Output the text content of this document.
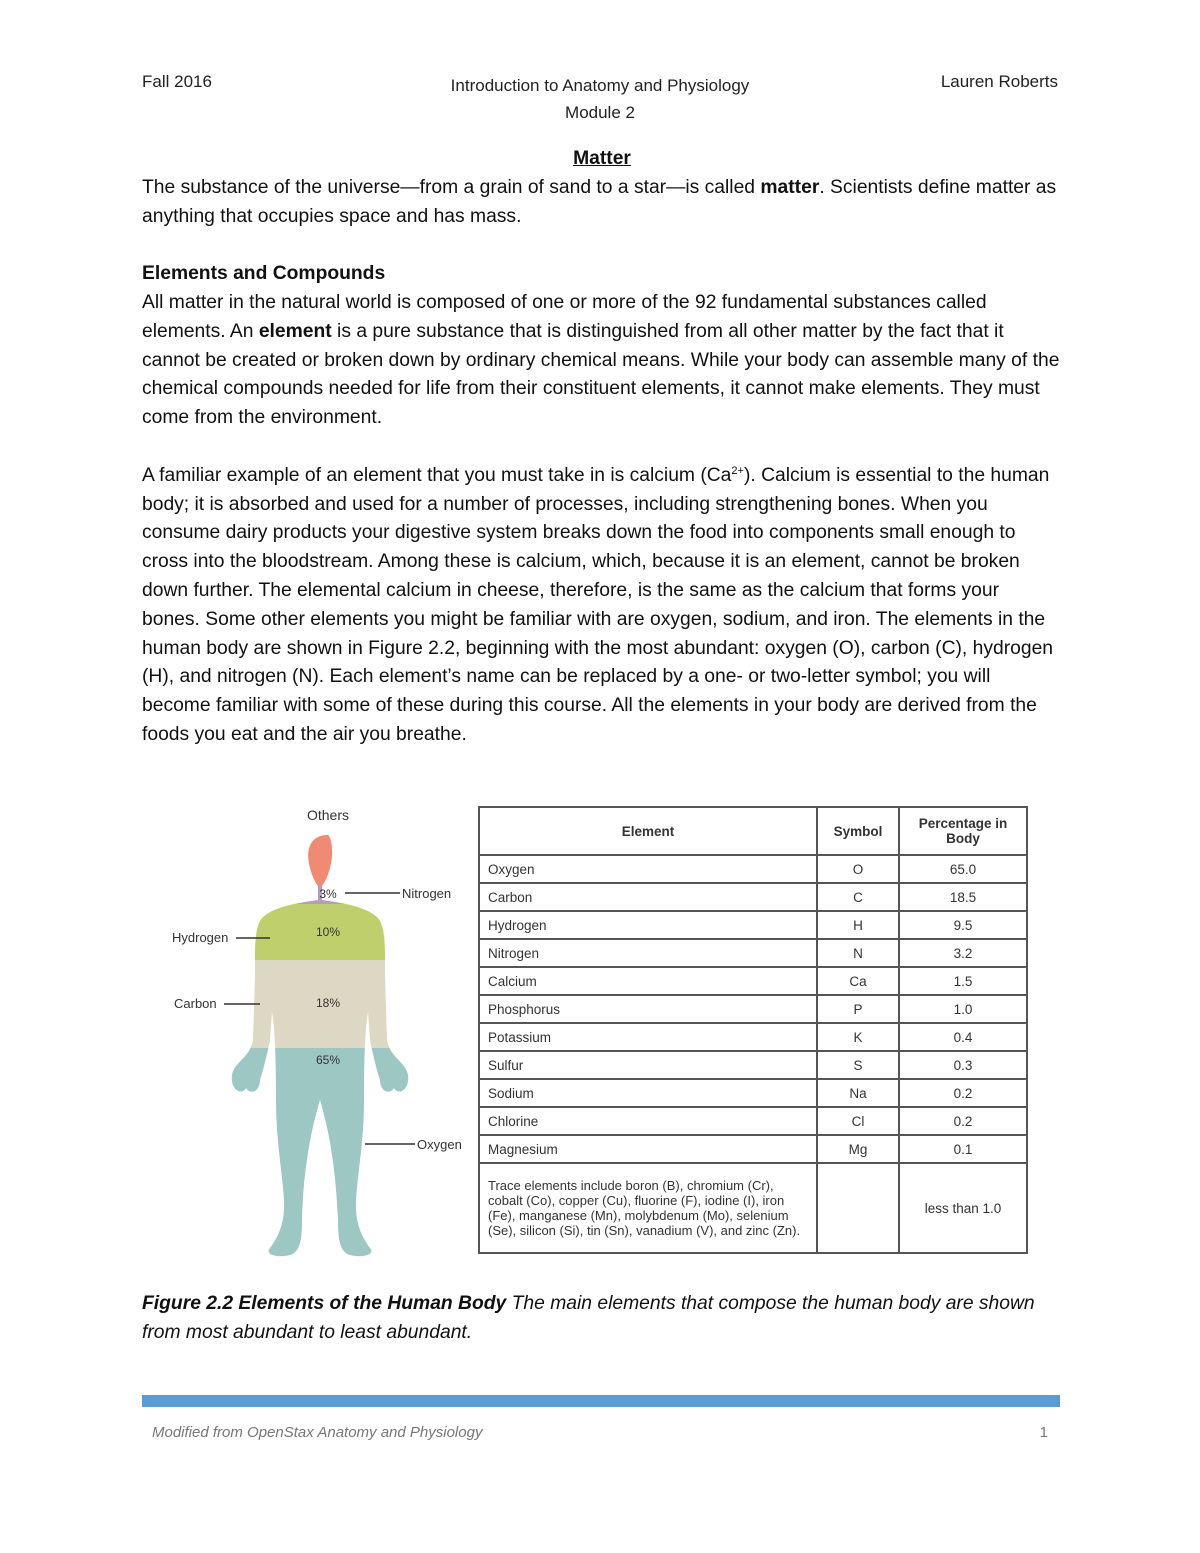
Fall 2016	Introduction to Anatomy and Physiology
Module 2
Lauren Roberts

Matter

The substance of the universe—from a grain of sand to a star—is called matter. Scientists define matter as anything that occupies space and has mass.

Elements and Compounds

All matter in the natural world is composed of one or more of the 92 fundamental substances called elements. An element is a pure substance that is distinguished from all other matter by the fact that it cannot be created or broken down by ordinary chemical means. While your body can assemble many of the chemical compounds needed for life from their constituent elements, it cannot make elements. They must come from the environment.

A familiar example of an element that you must take in is calcium $(Ca^{2+})$. Calcium is essential to the human body; it is absorbed and used for a number of processes, including strengthening bones. When you consume dairy products your digestive system breaks down the food into components small enough to cross into the bloodstream. Among these is calcium, which, because it is an element, cannot be broken down further. The elemental calcium in cheese, therefore, is the same as the calcium that forms your bones. Some other elements you might be familiar with are oxygen, sodium, and iron. The elements in the human body are shown in Figure 2.2, beginning with the most abundant: oxygen (O), carbon (C), hydrogen (H), and nitrogen (N). Each element’s name can be replaced by a one- or two-letter symbol; you will become familiar with some of these during this course. All the elements in your body are derived from the foods you eat and the air you breathe.

Others
3%
10%
18%
65%
Nitrogen
Hydrogen
Carbon
Oxygen
Element	Symbol	Percentage in Body
Oxygen	O	65.0
Carbon	C	18.5
Hydrogen	H	9.5
Nitrogen	N	3.2
Calcium	Ca	1.5
Phosphorus	P	1.0
Potassium	K	0.4
Sulfur	S	0.3
Sodium	Na	0.2
Chlorine	Cl	0.2
Magnesium	Mg	0.1
Trace elements include boron (B), chromium (Cr), cobalt (Co), copper (Cu), fluorine (F), iodine (I), iron (Fe), manganese (Mn), molybdenum (Mo), selenium (Se), silicon (Si), tin (Sn), vanadium (V), and zinc (Zn).		less than 1.0
Figure 2.2 Elements of the Human Body The main elements that compose the human body are shown from most abundant to least abundant.
Modified from OpenStax Anatomy and Physiology	1
